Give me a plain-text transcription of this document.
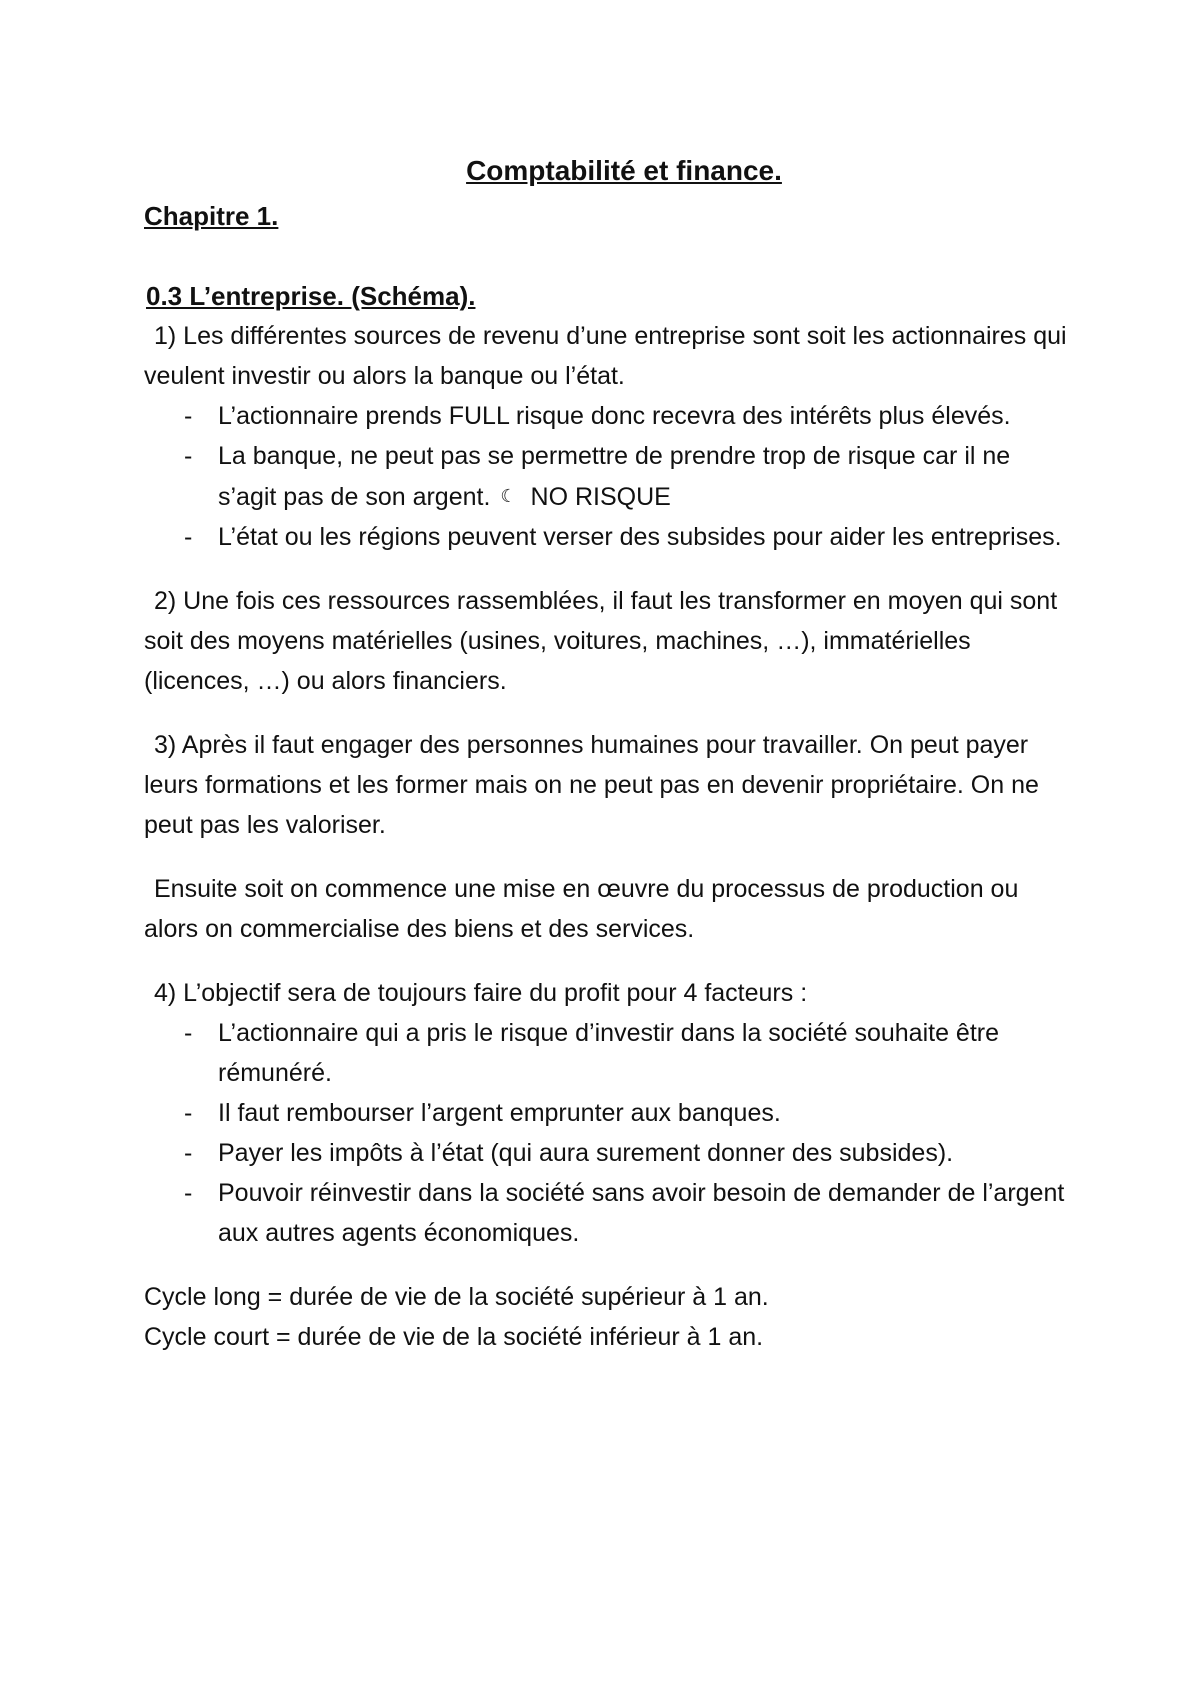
Comptabilité et finance.
Chapitre 1.
0.3 L’entreprise. (Schéma).

1) Les différentes sources de revenu d’une entreprise sont soit les actionnaires qui veulent investir ou alors la banque ou l’état.

- L’actionnaire prends FULL risque donc recevra des intérêts plus élevés.
- La banque, ne peut pas se permettre de prendre trop de risque car il ne s’agit pas de son argent. ☾ NO RISQUE
- L’état ou les régions peuvent verser des subsides pour aider les entreprises.

2) Une fois ces ressources rassemblées, il faut les transformer en moyen qui sont soit des moyens matérielles (usines, voitures, machines, …), immatérielles (licences, …) ou alors financiers.

3) Après il faut engager des personnes humaines pour travailler. On peut payer leurs formations et les former mais on ne peut pas en devenir propriétaire. On ne peut pas les valoriser.

Ensuite soit on commence une mise en œuvre du processus de production ou alors on commercialise des biens et des services.

4) L’objectif sera de toujours faire du profit pour 4 facteurs :

- L’actionnaire qui a pris le risque d’investir dans la société souhaite être rémunéré.
- Il faut rembourser l’argent emprunter aux banques.
- Payer les impôts à l’état (qui aura surement donner des subsides).
- Pouvoir réinvestir dans la société sans avoir besoin de demander de l’argent aux autres agents économiques.

Cycle long = durée de vie de la société supérieur à 1 an.

Cycle court = durée de vie de la société inférieur à 1 an.
